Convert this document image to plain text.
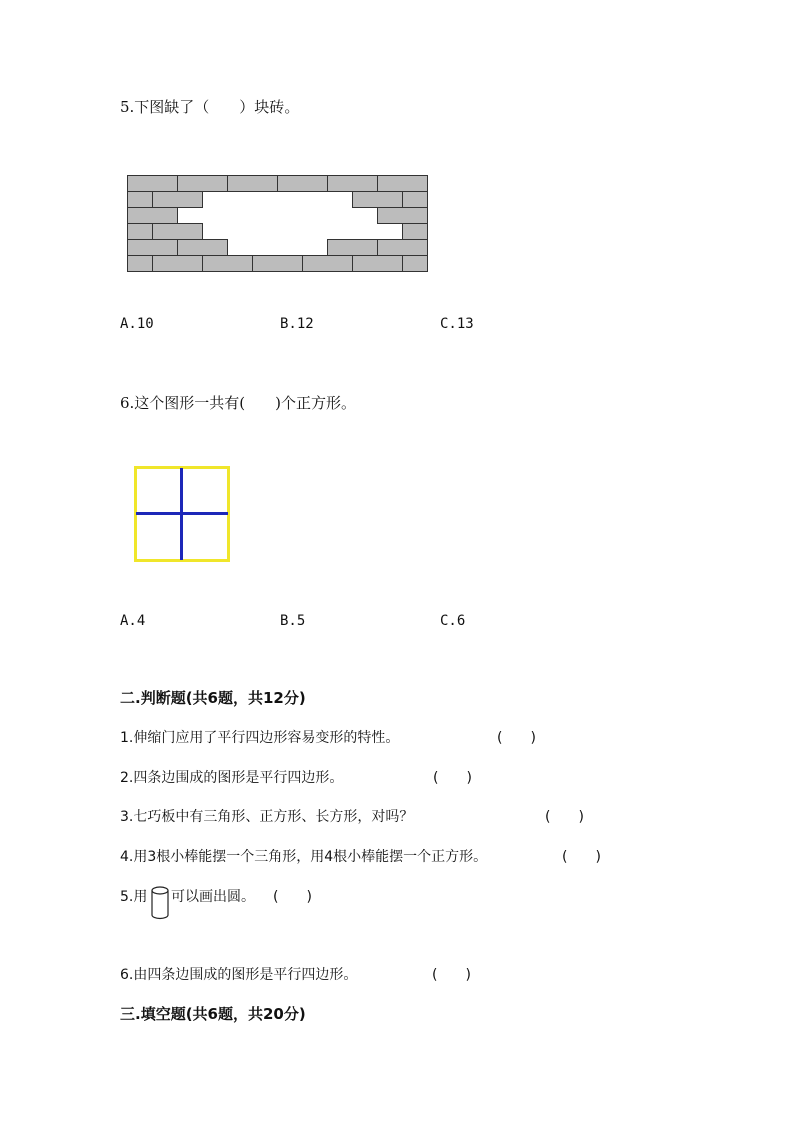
5.下图缺了（　　）块砖。
A.10	B.12	C.13
6.这个图形一共有(　　)个正方形。
A.4	B.5	C.6
二.判断题(共6题，共12分)
1.伸缩门应用了平行四边形容易变形的特性。	(　　)
2.四条边围成的图形是平行四边形。	(　　)
3.七巧板中有三角形、正方形、长方形，对吗？	(　　)
4.用3根小棒能摆一个三角形，用4根小棒能摆一个正方形。	(　　)
5.用 可以画出圆。 (　　)
6.由四条边围成的图形是平行四边形。	(　　)
三.填空题(共6题，共20分)
